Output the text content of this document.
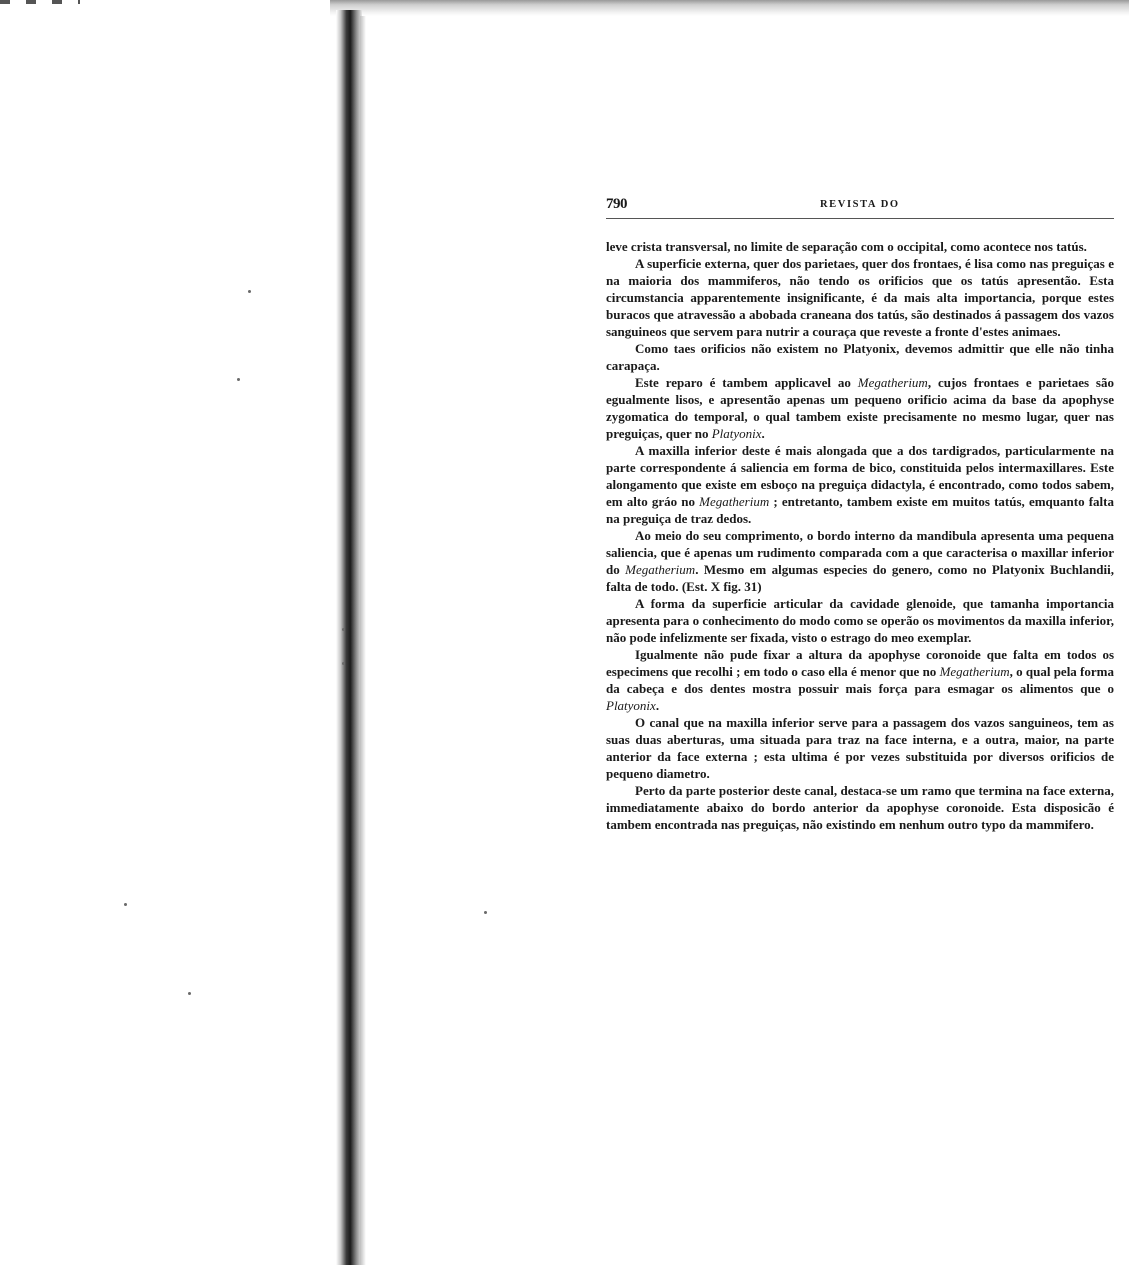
790	REVISTA DO

leve crista transversal, no limite de separação com o occipital, como acontece nos tatús.

A superficie externa, quer dos parietaes, quer dos frontaes, é lisa como nas preguiças e na maioria dos mammiferos, não tendo os orificios que os tatús apresentão. Esta circumstancia apparentemente insignificante, é da mais alta importancia, porque estes buracos que atravessão a abobada craneana dos tatús, são destinados á passagem dos vazos sanguineos que servem para nutrir a couraça que reveste a fronte d'estes animaes.

Como taes orificios não existem no Platyonix, devemos admittir que elle não tinha carapaça.

Este reparo é tambem applicavel ao Megatherium, cujos frontaes e parietaes são egualmente lisos, e apresentão apenas um pequeno orificio acima da base da apophyse zygomatica do temporal, o qual tambem existe precisamente no mesmo lugar, quer nas preguiças, quer no Platyonix.

A maxilla inferior deste é mais alongada que a dos tardigrados, particularmente na parte correspondente á saliencia em forma de bico, constituida pelos intermaxillares. Este alongamento que existe em esboço na preguiça didactyla, é encontrado, como todos sabem, em alto gráo no Megatherium ; entretanto, tambem existe em muitos tatús, emquanto falta na preguiça de traz dedos.

Ao meio do seu comprimento, o bordo interno da mandibula apresenta uma pequena saliencia, que é apenas um rudimento comparada com a que caracterisa o maxillar inferior do Megatherium. Mesmo em algumas especies do genero, como no Platyonix Buchlandii, falta de todo. (Est. X fig. 31)

A forma da superficie articular da cavidade glenoide, que tamanha importancia apresenta para o conhecimento do modo como se operão os movimentos da maxilla inferior, não pode infelizmente ser fixada, visto o estrago do meo exemplar.

Igualmente não pude fixar a altura da apophyse coronoide que falta em todos os especimens que recolhi ; em todo o caso ella é menor que no Megatherium, o qual pela forma da cabeça e dos dentes mostra possuir mais força para esmagar os alimentos que o Platyonix.

O canal que na maxilla inferior serve para a passagem dos vazos sanguineos, tem as suas duas aberturas, uma situada para traz na face interna, e a outra, maior, na parte anterior da face externa ; esta ultima é por vezes substituida por diversos orificios de pequeno diametro.

Perto da parte posterior deste canal, destaca-se um ramo que termina na face externa, immediatamente abaixo do bordo anterior da apophyse coronoide. Esta disposicão é tambem encontrada nas preguiças, não existindo em nenhum outro typo da mammifero.
